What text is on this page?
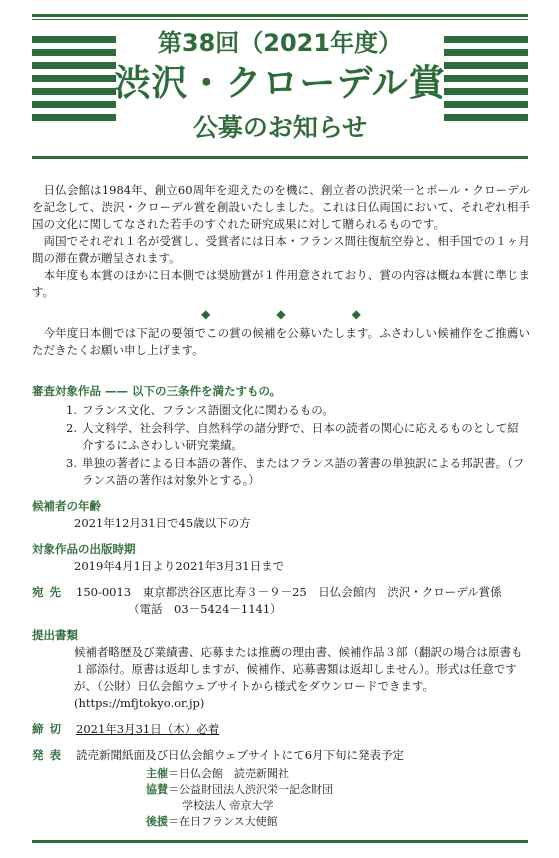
第38回（2021年度）
渋沢・クローデル賞
公募のお知らせ

日仏会館は1984年、創立60周年を迎えたのを機に、創立者の渋沢栄一とポール・クローデルを記念して、渋沢・クローデル賞を創設いたしました。これは日仏両国において、それぞれ相手国の文化に関してなされた若手のすぐれた研究成果に対して贈られるものです。

両国でそれぞれ１名が受賞し、受賞者には日本・フランス間往復航空券と、相手国での１ヶ月間の滞在費が贈呈されます。

本年度も本賞のほかに日本側では奨励賞が１件用意されており、賞の内容は概ね本賞に準じます。

◆◆◆

今年度日本側では下記の要領でこの賞の候補を公募いたします。ふさわしい候補作をご推薦いただきたくお願い申し上げます。

審査対象作品 —— 以下の三条件を満たすもの。
1. フランス文化、フランス語圏文化に関わるもの。
2. 人文科学、社会科学、自然科学の諸分野で、日本の読者の関心に応えるものとして紹介するにふさわしい研究業績。
3. 単独の著者による日本語の著作、またはフランス語の著書の単独訳による邦訳書。（フランス語の著作は対象外とする。）
候補者の年齢
2021年12月31日で45歳以下の方
対象作品の出版時期
2019年4月1日より2021年3月31日まで
宛先 150-0013　東京都渋谷区恵比寿３－９－25　日仏会館内　渋沢・クローデル賞係
（電話　03－5424－1141）
提出書類
候補者略歴及び業績書、応募または推薦の理由書、候補作品３部（翻訳の場合は原書も１部添付。原書は返却しますが、候補作、応募書類は返却しません）。形式は任意ですが、（公財）日仏会館ウェブサイトから様式をダウンロードできます。(https://mfjtokyo.or.jp)
締切 2021年3月31日（木）必着
発表 読売新聞紙面及び日仏会館ウェブサイトにて6月下旬に発表予定
主催＝日仏会館　読売新聞社
協賛＝公益財団法人渋沢栄一記念財団
学校法人 帝京大学
後援＝在日フランス大使館
